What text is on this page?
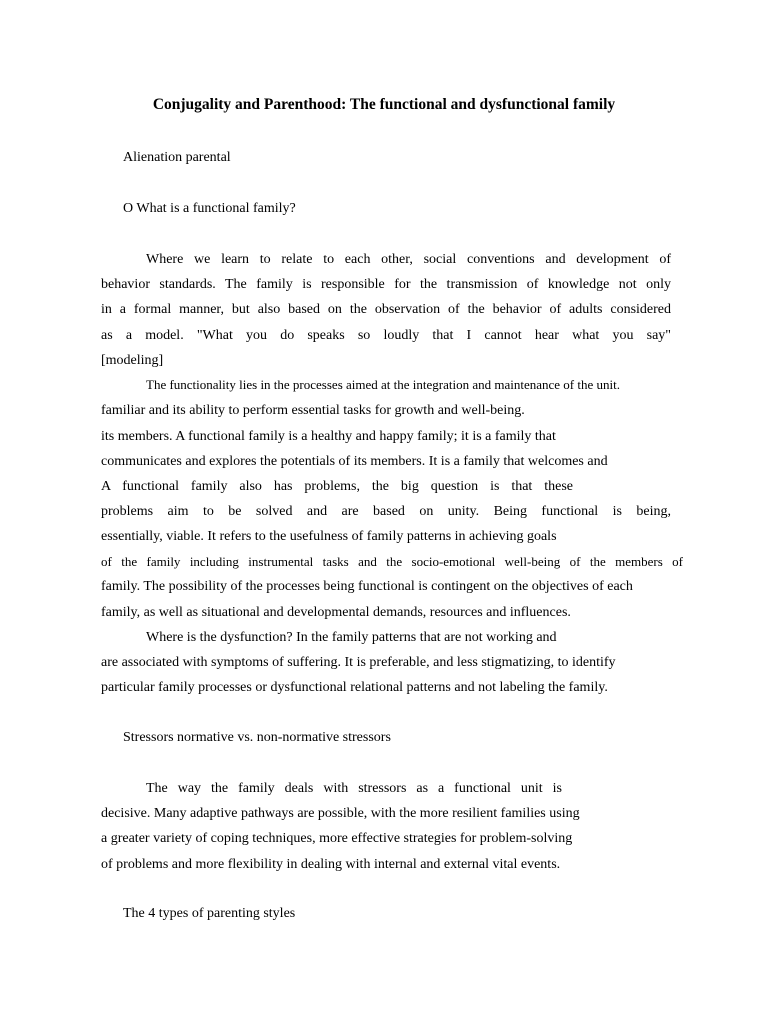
Conjugality and Parenthood: The functional and dysfunctional family
Alienation parental
O What is a functional family?
Where we learn to relate to each other, social conventions and development of
behavior standards. The family is responsible for the transmission of knowledge not only
in a formal manner, but also based on the observation of the behavior of adults considered
as a model. "What you do speaks so loudly that I cannot hear what you say"
[modeling]
The functionality lies in the processes aimed at the integration and maintenance of the unit.
familiar and its ability to perform essential tasks for growth and well-being.
its members. A functional family is a healthy and happy family; it is a family that
communicates and explores the potentials of its members. It is a family that welcomes and
A functional family also has problems, the big question is that these
problems aim to be solved and are based on unity. Being functional is being,
essentially, viable. It refers to the usefulness of family patterns in achieving goals
of the family including instrumental tasks and the socio-emotional well-being of the members of
family. The possibility of the processes being functional is contingent on the objectives of each
family, as well as situational and developmental demands, resources and influences.
Where is the dysfunction? In the family patterns that are not working and
are associated with symptoms of suffering. It is preferable, and less stigmatizing, to identify
particular family processes or dysfunctional relational patterns and not labeling the family.
Stressors normative vs. non-normative stressors
The way the family deals with stressors as a functional unit is
decisive. Many adaptive pathways are possible, with the more resilient families using
a greater variety of coping techniques, more effective strategies for problem-solving
of problems and more flexibility in dealing with internal and external vital events.
The 4 types of parenting styles
